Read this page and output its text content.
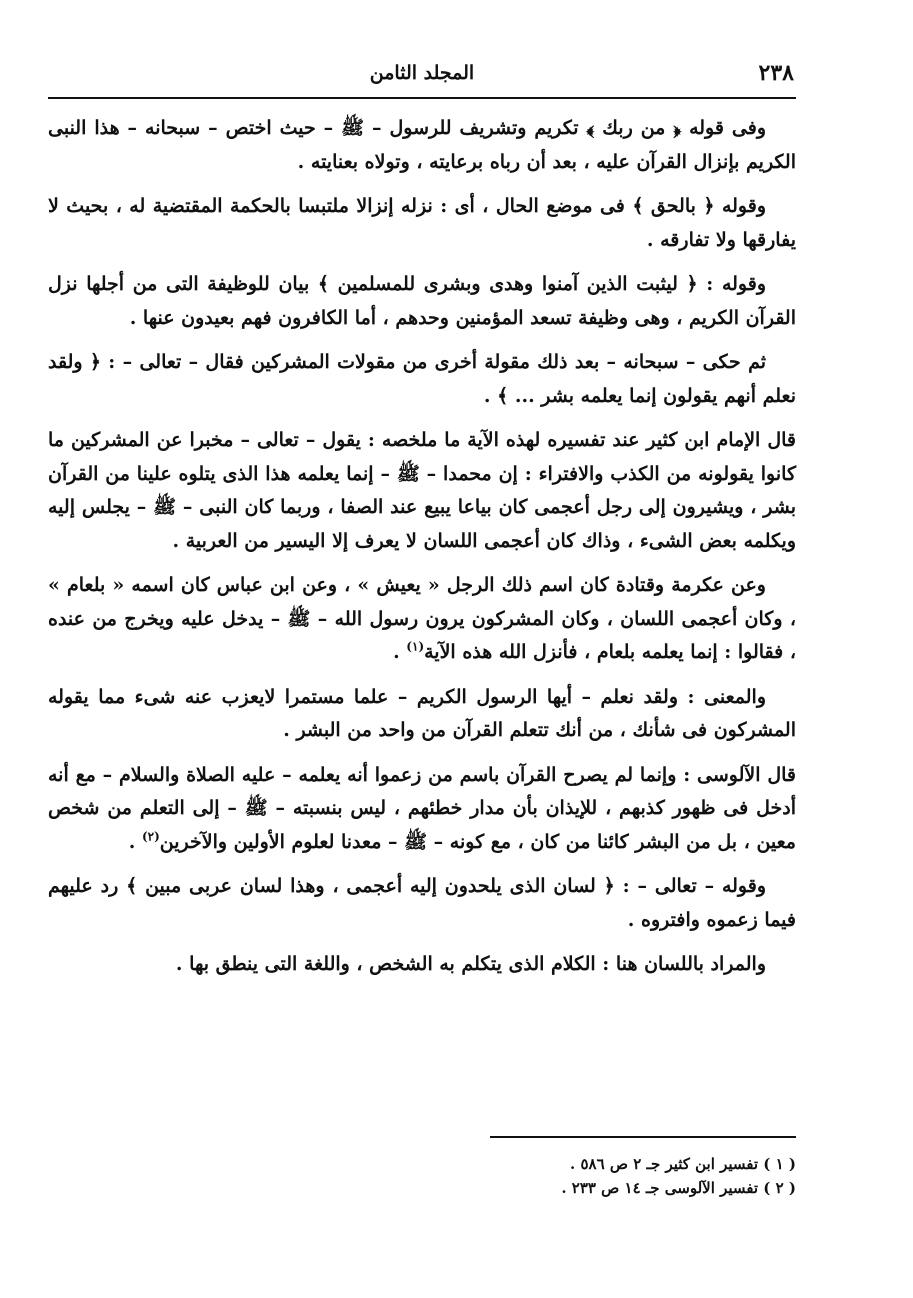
٢٣٨
المجلد الثامن

وفى قوله ﴿ من ربك ﴾ تكريم وتشريف للرسول – ﷺ – حيث اختص – سبحانه – هذا النبى الكريم بإنزال القرآن عليه ، بعد أن رباه برعايته ، وتولاه بعنايته .

وقوله ﴿ بالحق ﴾ فى موضع الحال ، أى : نزله إنزالا ملتبسا بالحكمة المقتضية له ، بحيث لا يفارقها ولا تفارقه .

وقوله : ﴿ ليثبت الذين آمنوا وهدى وبشرى للمسلمين ﴾ بيان للوظيفة التى من أجلها نزل القرآن الكريم ، وهى وظيفة تسعد المؤمنين وحدهم ، أما الكافرون فهم بعيدون عنها .

ثم حكى – سبحانه – بعد ذلك مقولة أخرى من مقولات المشركين فقال – تعالى – : ﴿ ولقد نعلم أنهم يقولون إنما يعلمه بشر ... ﴾ .

قال الإمام ابن كثير عند تفسيره لهذه الآية ما ملخصه : يقول – تعالى – مخبرا عن المشركين ما كانوا يقولونه من الكذب والافتراء : إن محمدا – ﷺ – إنما يعلمه هذا الذى يتلوه علينا من القرآن بشر ، ويشيرون إلى رجل أعجمى كان بياعا يبيع عند الصفا ، وربما كان النبى – ﷺ – يجلس إليه ويكلمه بعض الشىء ، وذاك كان أعجمى اللسان لا يعرف إلا اليسير من العربية .

وعن عكرمة وقتادة كان اسم ذلك الرجل « يعيش » ، وعن ابن عباس كان اسمه « بلعام » ، وكان أعجمى اللسان ، وكان المشركون يرون رسول الله – ﷺ – يدخل عليه ويخرج من عنده ، فقالوا : إنما يعلمه بلعام ، فأنزل الله هذه الآية$^{(١)}$ .

والمعنى : ولقد نعلم – أيها الرسول الكريم – علما مستمرا لايعزب عنه شىء مما يقوله المشركون فى شأنك ، من أنك تتعلم القرآن من واحد من البشر .

قال الآلوسى : وإنما لم يصرح القرآن باسم من زعموا أنه يعلمه – عليه الصلاة والسلام – مع أنه أدخل فى ظهور كذبهم ، للإيذان بأن مدار خطئهم ، ليس بنسبته – ﷺ – إلى التعلم من شخص معين ، بل من البشر كائنا من كان ، مع كونه – ﷺ – معدنا لعلوم الأولين والآخرين$^{(٢)}$ .

وقوله – تعالى – : ﴿ لسان الذى يلحدون إليه أعجمى ، وهذا لسان عربى مبين ﴾ رد عليهم فيما زعموه وافتروه .

والمراد باللسان هنا : الكلام الذى يتكلم به الشخص ، واللغة التى ينطق بها .

( ١ ) تفسير ابن كثير جـ ٢ ص ٥٨٦ .

( ٢ ) تفسير الآلوسى جـ ١٤ ص ٢٣٣ .
